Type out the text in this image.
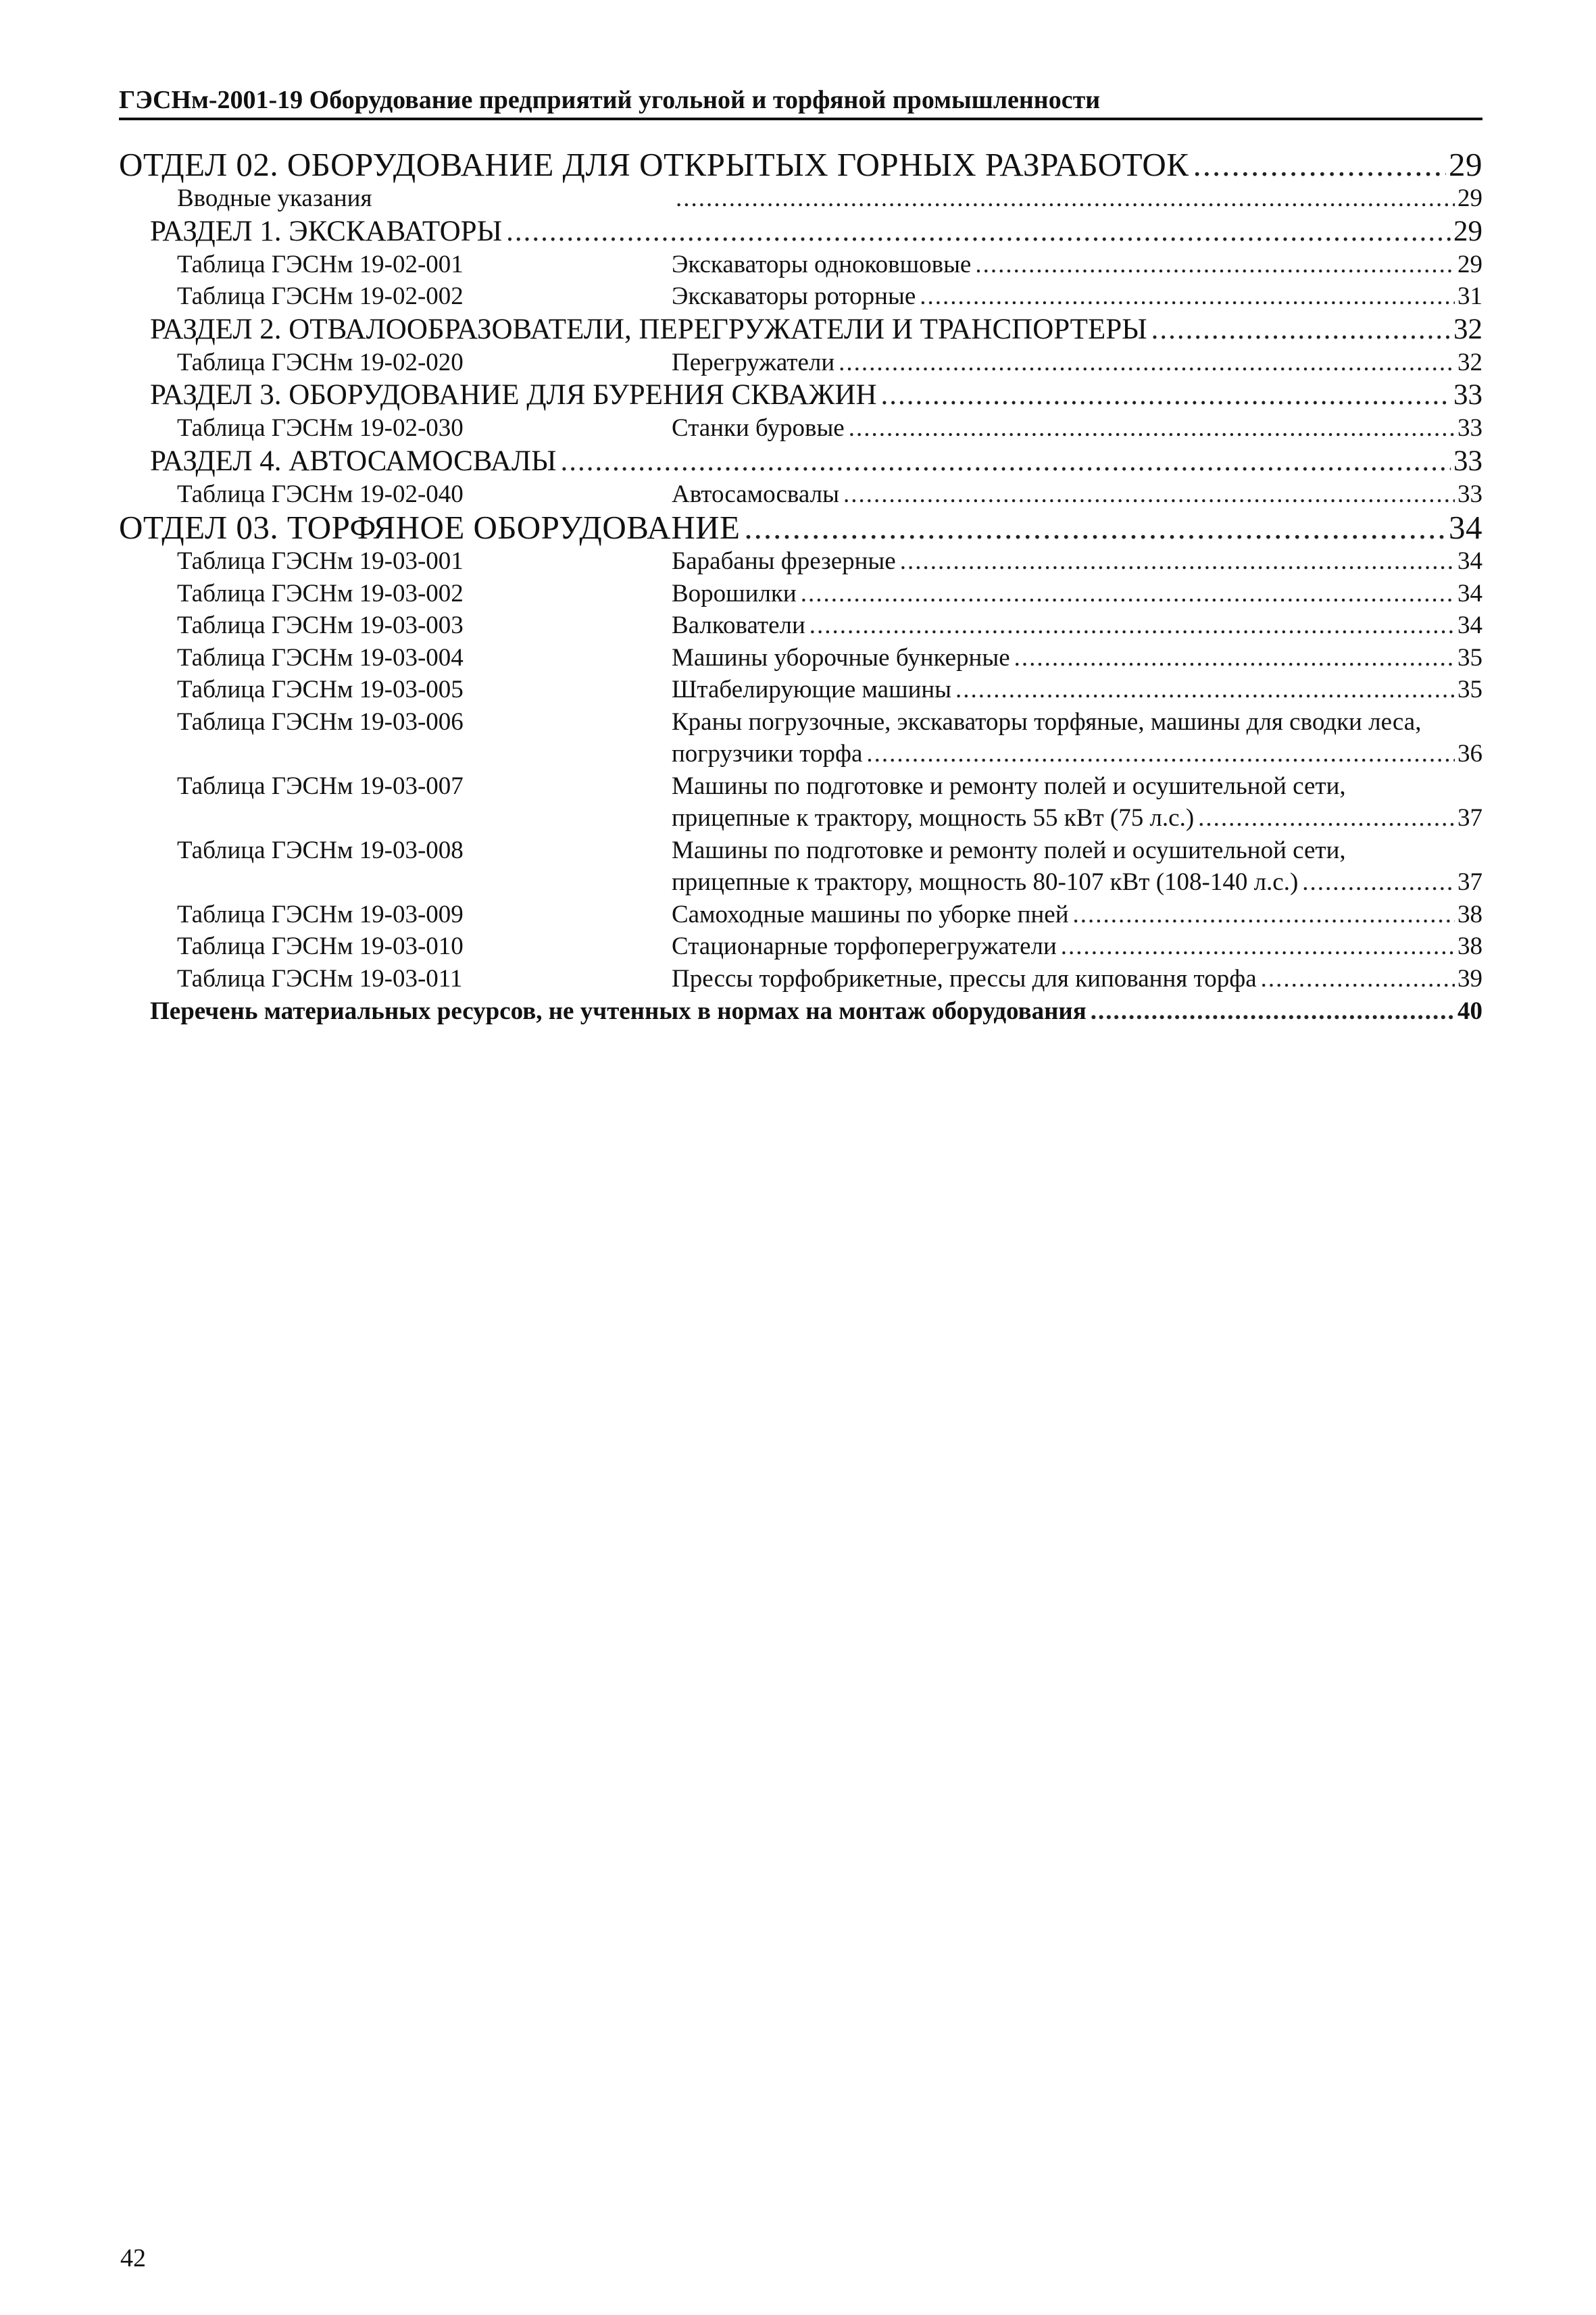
ГЭСНм-2001-19 Оборудование предприятий угольной и торфяной промышленности
ОТДЕЛ 02. ОБОРУДОВАНИЕ ДЛЯ ОТКРЫТЫХ ГОРНЫХ РАЗРАБОТОК .....	29
Вводные указания .....	29
РАЗДЕЛ 1. ЭКСКАВАТОРЫ .....	29
Таблица ГЭСНм 19-02-001	Экскаваторы одноковшовые .....	29
Таблица ГЭСНм 19-02-002	Экскаваторы роторные .....	31
РАЗДЕЛ 2. ОТВАЛООБРАЗОВАТЕЛИ, ПЕРЕГРУЖАТЕЛИ И ТРАНСПОРТЕРЫ .....	32
Таблица ГЭСНм 19-02-020	Перегружатели .....	32
РАЗДЕЛ 3. ОБОРУДОВАНИЕ ДЛЯ БУРЕНИЯ СКВАЖИН .....	33
Таблица ГЭСНм 19-02-030	Станки буровые .....	33
РАЗДЕЛ 4. АВТОСАМОСВАЛЫ .....	33
Таблица ГЭСНм 19-02-040	Автосамосвалы .....	33
ОТДЕЛ 03. ТОРФЯНОЕ ОБОРУДОВАНИЕ .....	34
Таблица ГЭСНм 19-03-001	Барабаны фрезерные .....	34
Таблица ГЭСНм 19-03-002	Ворошилки .....	34
Таблица ГЭСНм 19-03-003	Валкователи .....	34
Таблица ГЭСНм 19-03-004	Машины уборочные бункерные .....	35
Таблица ГЭСНм 19-03-005	Штабелирующие машины .....	35
Таблица ГЭСНм 19-03-006	Краны погрузочные, экскаваторы торфяные, машины для сводки леса,
погрузчики торфа .....	36
Таблица ГЭСНм 19-03-007	Машины по подготовке и ремонту полей и осушительной сети,
прицепные к трактору, мощность 55 кВт (75 л.с.) .....	37
Таблица ГЭСНм 19-03-008	Машины по подготовке и ремонту полей и осушительной сети,
прицепные к трактору, мощность 80-107 кВт (108-140 л.с.) .....	37
Таблица ГЭСНм 19-03-009	Самоходные машины по уборке пней .....	38
Таблица ГЭСНм 19-03-010	Стационарные торфоперегружатели .....	38
Таблица ГЭСНм 19-03-011	Прессы торфобрикетные, прессы для киповання торфа .....	39
Перечень материальных ресурсов, не учтенных в нормах на монтаж оборудования .....	40
42
